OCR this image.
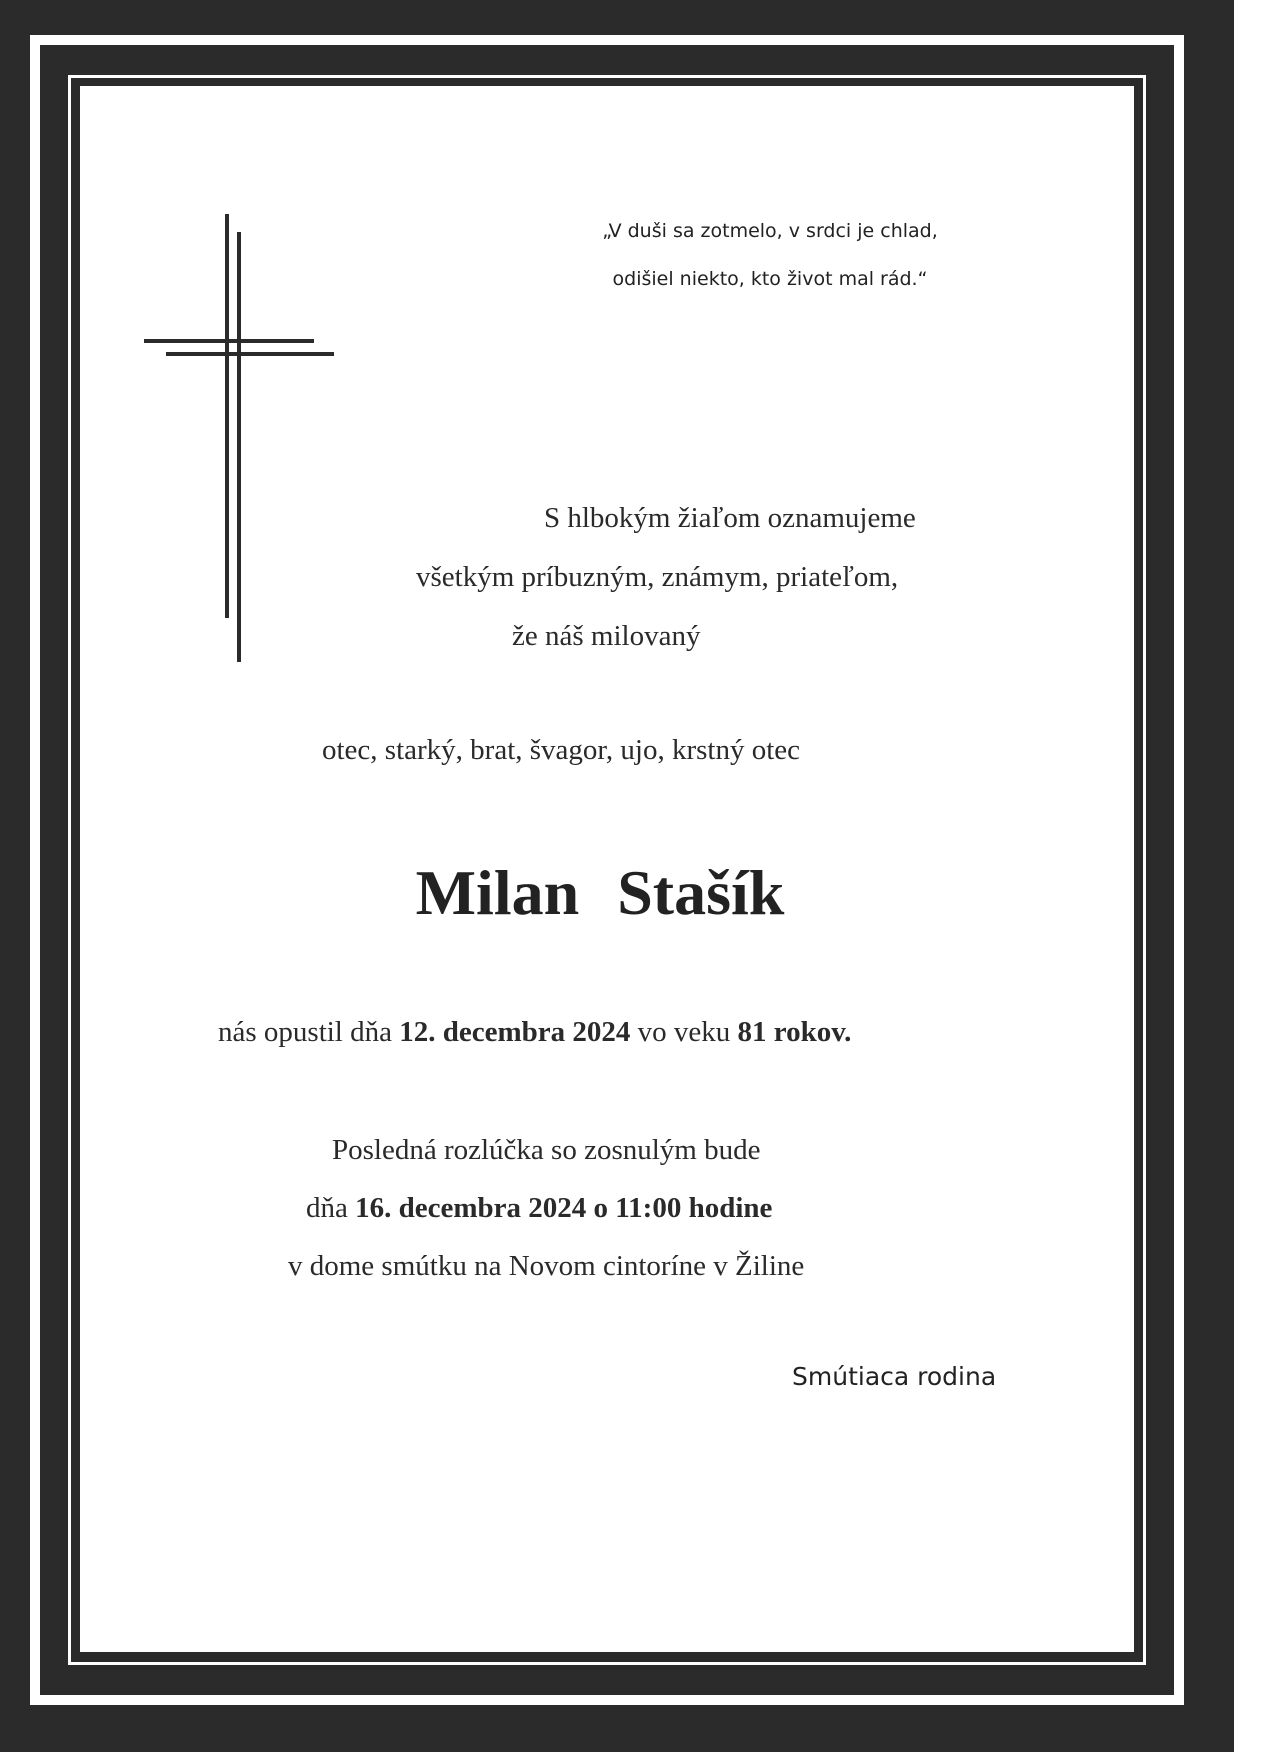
„V duši sa zotmelo, v srdci je chlad,
odišiel niekto, kto život mal rád.“
S hlbokým žiaľom oznamujeme
všetkým príbuzným, známym, priateľom,
že náš milovaný
otec, starký, brat, švagor, ujo, krstný otec
Milan Stašík
nás opustil dňa 12. decembra 2024 vo veku 81 rokov.
Posledná rozlúčka so zosnulým bude
dňa 16. decembra 2024 o 11:00 hodine
v dome smútku na Novom cintoríne v Žiline
Smútiaca rodina
